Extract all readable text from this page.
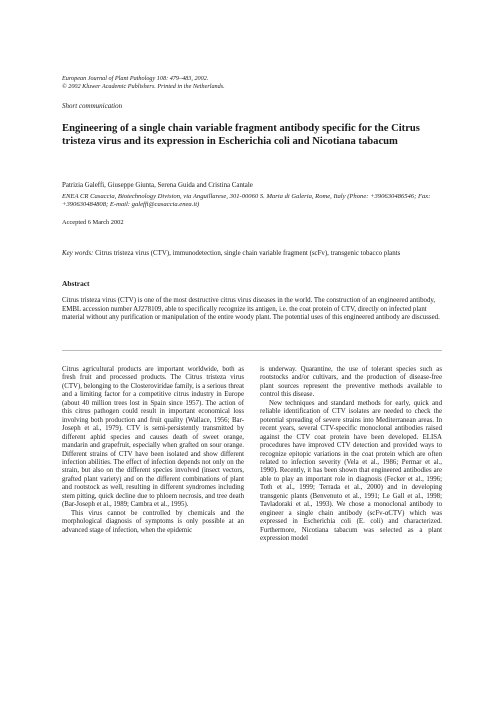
European Journal of Plant Pathology 108: 479–483, 2002.
© 2002 Kluwer Academic Publishers. Printed in the Netherlands.
Short communication
Engineering of a single chain variable fragment antibody specific for the Citrus tristeza virus and its expression in Escherichia coli and Nicotiana tabacum
Patrizia Galeffi, Giuseppe Giunta, Serena Guida and Cristina Cantale
ENEA CR Casaccia, Biotechnology Division, via Anguillarese, 301-00060 S. Maria di Galeria, Rome, Italy (Phone: +390630486546; Fax: +390630484808; E-mail: galeffi@casaccia.enea.it)
Accepted 6 March 2002
Key words: Citrus tristeza virus (CTV), immunodetection, single chain variable fragment (scFv), transgenic tobacco plants
Abstract
Citrus tristeza virus (CTV) is one of the most destructive citrus virus diseases in the world. The construction of an engineered antibody, EMBL accession number AJ278109, able to specifically recognize its antigen, i.e. the coat protein of CTV, directly on infected plant material without any purification or manipulation of the entire woody plant. The potential uses of this engineered antibody are discussed.

Citrus agricultural products are important worldwide, both as fresh fruit and processed products. The Citrus tristeza virus (CTV), belonging to the Closteroviridae family, is a serious threat and a limiting factor for a competitive citrus industry in Europe (about 40 million trees lost in Spain since 1957). The action of this citrus pathogen could result in important economical loss involving both production and fruit quality (Wallace, 1956; Bar-Joseph et al., 1979). CTV is semi-persistently transmitted by different aphid species and causes death of sweet orange, mandarin and grapefruit, especially when grafted on sour orange. Different strains of CTV have been isolated and show different infection abilities. The effect of infection depends not only on the strain, but also on the different species involved (insect vectors, grafted plant variety) and on the different combinations of plant and rootstock as well, resulting in different syndromes including stem pitting, quick decline due to phloem necrosis, and tree death (Bar-Joseph et al., 1989; Cambra et al., 1995).

This virus cannot be controlled by chemicals and the morphological diagnosis of symptoms is only possible at an advanced stage of infection, when the epidemic

is underway. Quarantine, the use of tolerant species such as rootstocks and/or cultivars, and the production of disease-free plant sources represent the preventive methods available to control this disease.

New techniques and standard methods for early, quick and reliable identification of CTV isolates are needed to check the potential spreading of severe strains into Mediterranean areas. In recent years, several CTV-specific monoclonal antibodies raised against the CTV coat protein have been developed. ELISA procedures have improved CTV detection and provided ways to recognize epitopic variations in the coat protein which are often related to infection severity (Vela et al., 1986; Permar et al., 1990). Recently, it has been shown that engineered antibodies are able to play an important role in diagnosis (Fecker et al., 1996; Toth et al., 1999; Terrada et al., 2000) and in developing transgenic plants (Benvenuto et al., 1991; Le Gall et al., 1998; Tavladoraki et al., 1993). We chose a monoclonal antibody to engineer a single chain antibody (scFv-αCTV) which was expressed in Escherichia coli (E. coli) and characterized. Furthermore, Nicotiana tabacum was selected as a plant expression model
